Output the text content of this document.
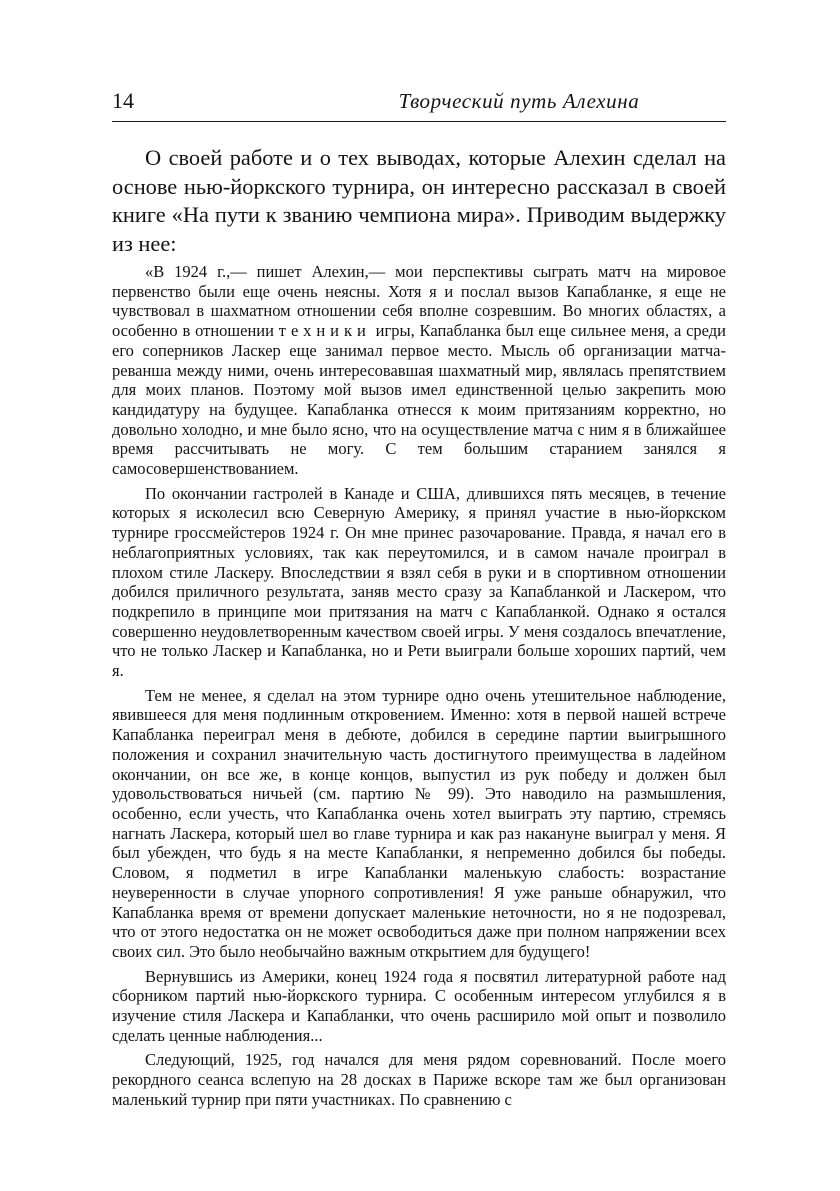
14	Творческий путь Алехина

О своей работе и о тех выводах, которые Алехин сделал на основе нью-йоркского турнира, он интересно рассказал в своей книге «На пути к званию чемпиона мира». Приводим выдержку из нее:

«В 1924 г.,— пишет Алехин,— мои перспективы сыграть матч на мировое первенство были еще очень неясны. Хотя я и послал вызов Капабланке, я еще не чувствовал в шахматном отношении себя вполне созревшим. Во многих областях, а особенно в отношении техники игры, Капабланка был еще сильнее меня, а среди его соперников Ласкер еще занимал первое место. Мысль об организации матча-реванша между ними, очень интересовавшая шахматный мир, являлась препятствием для моих планов. Поэтому мой вызов имел единственной целью закрепить мою кандидатуру на будущее. Капабланка отнесся к моим притязаниям корректно, но довольно холодно, и мне было ясно, что на осуществление матча с ним я в ближайшее время рассчитывать не могу. С тем большим старанием занялся я самосовершенствованием.

По окончании гастролей в Канаде и США, длившихся пять месяцев, в течение которых я исколесил всю Северную Америку, я принял участие в нью-йоркском турнире гроссмейстеров 1924 г. Он мне принес разочарование. Правда, я начал его в неблагоприятных условиях, так как переутомился, и в самом начале проиграл в плохом стиле Ласкеру. Впоследствии я взял себя в руки и в спортивном отношении добился приличного результата, заняв место сразу за Капабланкой и Ласкером, что подкрепило в принципе мои притязания на матч с Капабланкой. Однако я остался совершенно неудовлетворенным качеством своей игры. У меня создалось впечатление, что не только Ласкер и Капабланка, но и Рети выиграли больше хороших партий, чем я.

Тем не менее, я сделал на этом турнире одно очень утешительное наблюдение, явившееся для меня подлинным откровением. Именно: хотя в первой нашей встрече Капабланка переиграл меня в дебюте, добился в середине партии выигрышного положения и сохранил значительную часть достигнутого преимущества в ладейном окончании, он все же, в конце концов, выпустил из рук победу и должен был удовольствоваться ничьей (см. партию № 99). Это наводило на размышления, особенно, если учесть, что Капабланка очень хотел выиграть эту партию, стремясь нагнать Ласкера, который шел во главе турнира и как раз накануне выиграл у меня. Я был убежден, что будь я на месте Капабланки, я непременно добился бы победы. Словом, я подметил в игре Капабланки маленькую слабость: возрастание неуверенности в случае упорного сопротивления! Я уже раньше обнаружил, что Капабланка время от времени допускает маленькие неточности, но я не подозревал, что от этого недостатка он не может освободиться даже при полном напряжении всех своих сил. Это было необычайно важным открытием для будущего!

Вернувшись из Америки, конец 1924 года я посвятил литературной работе над сборником партий нью-йоркского турнира. С особенным интересом углубился я в изучение стиля Ласкера и Капабланки, что очень расширило мой опыт и позволило сделать ценные наблюдения...

Следующий, 1925, год начался для меня рядом соревнований. После моего рекордного сеанса вслепую на 28 досках в Париже вскоре там же был организован маленький турнир при пяти участниках. По сравнению с
